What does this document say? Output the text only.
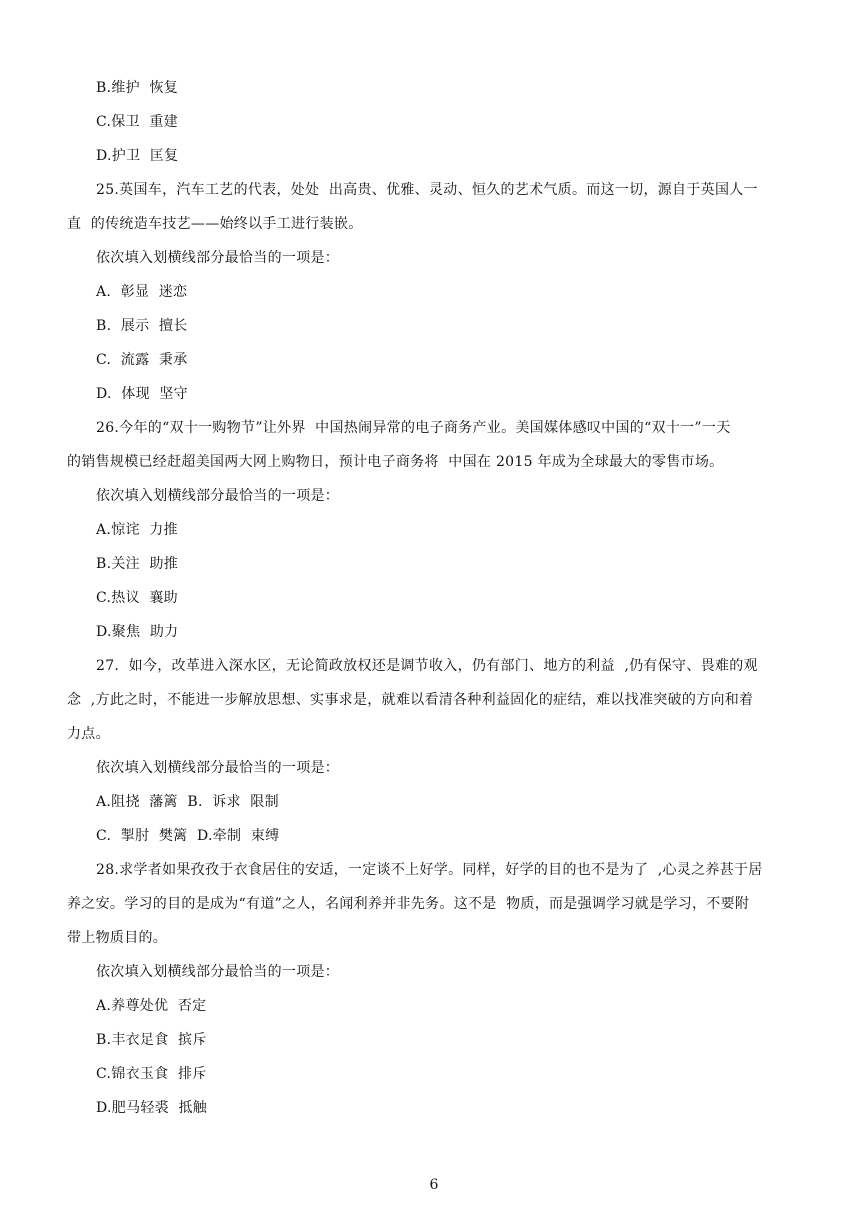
B.维护  恢复
C.保卫  重建
D.护卫  匡复
25.英国车，汽车工艺的代表，处处  出高贵、优雅、灵动、恒久的艺术气质。而这一切，源自于英国人一
直  的传统造车技艺——始终以手工进行装嵌。
依次填入划横线部分最恰当的一项是：
A.  彰显  迷恋
B.  展示  擅长
C.  流露  秉承
D.  体现  坚守
26.今年的“双十一购物节”让外界  中国热闹异常的电子商务产业。美国媒体感叹中国的“双十一”一天
的销售规模已经赶超美国两大网上购物日，预计电子商务将  中国在 2015 年成为全球最大的零售市场。
依次填入划横线部分最恰当的一项是：
A.惊诧  力推
B.关注  助推
C.热议  襄助
D.聚焦  助力
27.  如今，改革进入深水区，无论简政放权还是调节收入，仍有部门、地方的利益  ,仍有保守、畏难的观
念  ,方此之时，不能进一步解放思想、实事求是，就难以看清各种利益固化的症结，难以找准突破的方向和着
力点。
依次填入划横线部分最恰当的一项是：
A.阻挠  藩篱  B.  诉求  限制
C.  掣肘  樊篱  D.牵制  束缚
28.求学者如果孜孜于衣食居住的安适，一定谈不上好学。同样，好学的目的也不是为了  ,心灵之养甚于居
养之安。学习的目的是成为“有道”之人，名闻利养并非先务。这不是  物质，而是强调学习就是学习，不要附
带上物质目的。
依次填入划横线部分最恰当的一项是：
A.养尊处优  否定
B.丰衣足食  摈斥
C.锦衣玉食  排斥
D.肥马轻裘  抵触
6
